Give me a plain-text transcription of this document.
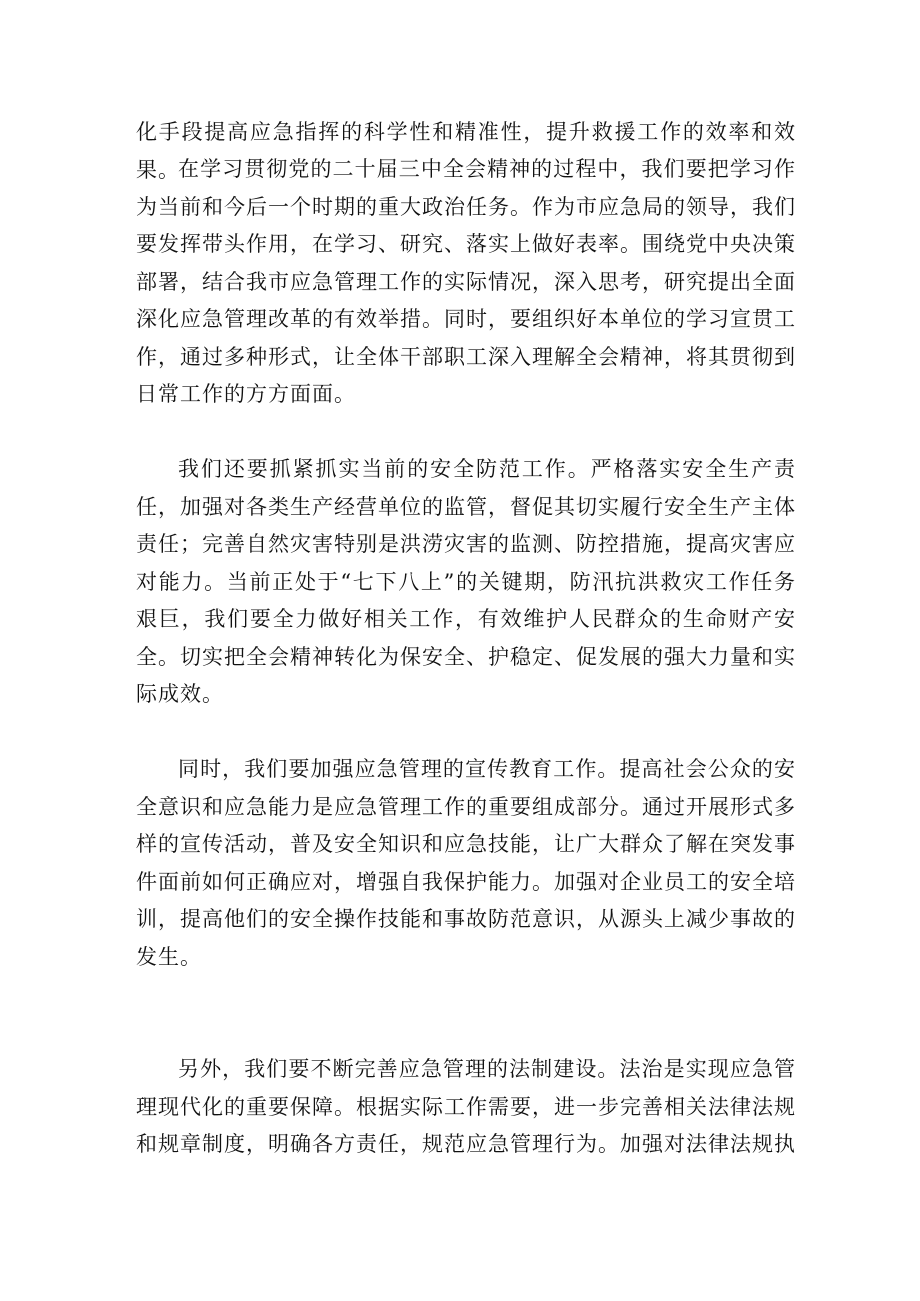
化手段提高应急指挥的科学性和精准性，提升救援工作的效率和效果。

在学习贯彻党的二十届三中全会精神的过程中，我们要把学习作为当前和今后一个时期的重大政治任务。作为市应急局的领导，我们要发挥带头作用，在学习、研究、落实上做好表率。围绕党中央决策部署，结合我市应急管理工作的实际情况，深入思考，研究提出全面深化应急管理改革的有效举措。同时，要组织好本单位的学习宣贯工作，通过多种形式，让全体干部职工深入理解全会精神，将其贯彻到日常工作的方方面面。

我们还要抓紧抓实当前的安全防范工作。严格落实安全生产责任，加强对各类生产经营单位的监管，督促其切实履行安全生产主体责任；完善自然灾害特别是洪涝灾害的监测、防控措施，提高灾害应对能力。当前正处于“七下八上”的关键期，防汛抗洪救灾工作任务艰巨，我们要全力做好相关工作，有效维护人民群众的生命财产安全。切实把全会精神转化为保安全、护稳定、促发展的强大力量和实际成效。

同时，我们要加强应急管理的宣传教育工作。提高社会公众的安全意识和应急能力是应急管理工作的重要组成部分。通过开展形式多样的宣传活动，普及安全知识和应急技能，让广大群众了解在突发事件面前如何正确应对，增强自我保护能力。加强对企业员工的安全培训，提高他们的安全操作技能和事故防范意识，从源头上减少事故的发生。

另外，我们要不断完善应急管理的法制建设。法治是实现应急管理现代化的重要保障。根据实际工作需要，进一步完善相关法律法规和规章制度，明确各方责任，规范应急管理行为。加强对法律法规执
